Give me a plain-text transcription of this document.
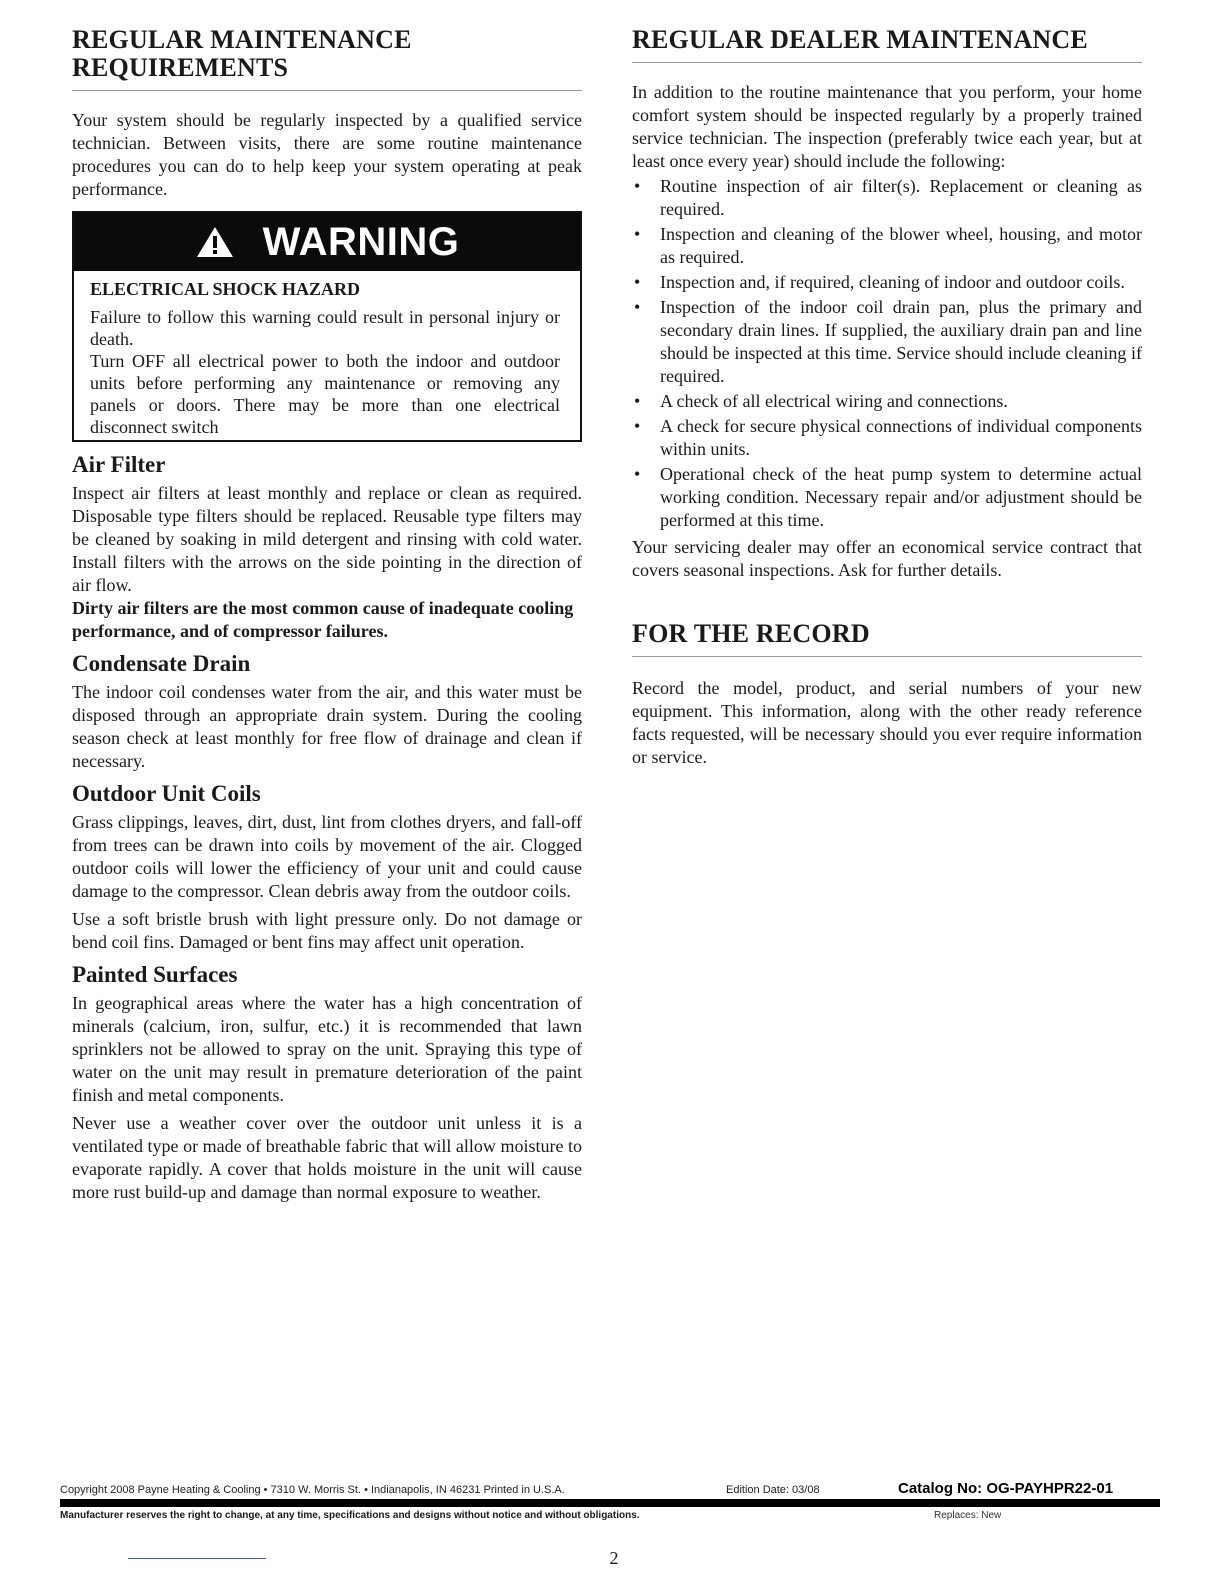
REGULAR MAINTENANCE REQUIREMENTS

Your system should be regularly inspected by a qualified service technician. Between visits, there are some routine maintenance procedures you can do to help keep your system operating at peak performance.

WARNING
ELECTRICAL SHOCK HAZARD

Failure to follow this warning could result in personal injury or death.

Turn OFF all electrical power to both the indoor and outdoor units before performing any maintenance or removing any panels or doors. There may be more than one electrical disconnect switch

Air Filter

Inspect air filters at least monthly and replace or clean as required. Disposable type filters should be replaced. Reusable type filters may be cleaned by soaking in mild detergent and rinsing with cold water. Install filters with the arrows on the side pointing in the direction of air flow.

Dirty air filters are the most common cause of inadequate cooling performance, and of compressor failures.

Condensate Drain

The indoor coil condenses water from the air, and this water must be disposed through an appropriate drain system. During the cooling season check at least monthly for free flow of drainage and clean if necessary.

Outdoor Unit Coils

Grass clippings, leaves, dirt, dust, lint from clothes dryers, and fall-off from trees can be drawn into coils by movement of the air. Clogged outdoor coils will lower the efficiency of your unit and could cause damage to the compressor. Clean debris away from the outdoor coils.

Use a soft bristle brush with light pressure only. Do not damage or bend coil fins. Damaged or bent fins may affect unit operation.

Painted Surfaces

In geographical areas where the water has a high concentration of minerals (calcium, iron, sulfur, etc.) it is recommended that lawn sprinklers not be allowed to spray on the unit. Spraying this type of water on the unit may result in premature deterioration of the paint finish and metal components.

Never use a weather cover over the outdoor unit unless it is a ventilated type or made of breathable fabric that will allow moisture to evaporate rapidly. A cover that holds moisture in the unit will cause more rust build-up and damage than normal exposure to weather.

REGULAR DEALER MAINTENANCE

In addition to the routine maintenance that you perform, your home comfort system should be inspected regularly by a properly trained service technician. The inspection (preferably twice each year, but at least once every year) should include the following:

• Routine inspection of air filter(s). Replacement or cleaning as required.
• Inspection and cleaning of the blower wheel, housing, and motor as required.
• Inspection and, if required, cleaning of indoor and outdoor coils.
• Inspection of the indoor coil drain pan, plus the primary and secondary drain lines. If supplied, the auxiliary drain pan and line should be inspected at this time. Service should include cleaning if required.
• A check of all electrical wiring and connections.
• A check for secure physical connections of individual components within units.
• Operational check of the heat pump system to determine actual working condition. Necessary repair and/or adjustment should be performed at this time.

Your servicing dealer may offer an economical service contract that covers seasonal inspections. Ask for further details.

FOR THE RECORD

Record the model, product, and serial numbers of your new equipment. This information, along with the other ready reference facts requested, will be necessary should you ever require information or service.

Copyright 2008 Payne Heating & Cooling • 7310 W. Morris St. • Indianapolis, IN 46231 Printed in U.S.A.	Edition Date: 03/08	Catalog No: OG-PAYHPR22-01
Manufacturer reserves the right to change, at any time, specifications and designs without notice and without obligations.	Replaces: New
2
